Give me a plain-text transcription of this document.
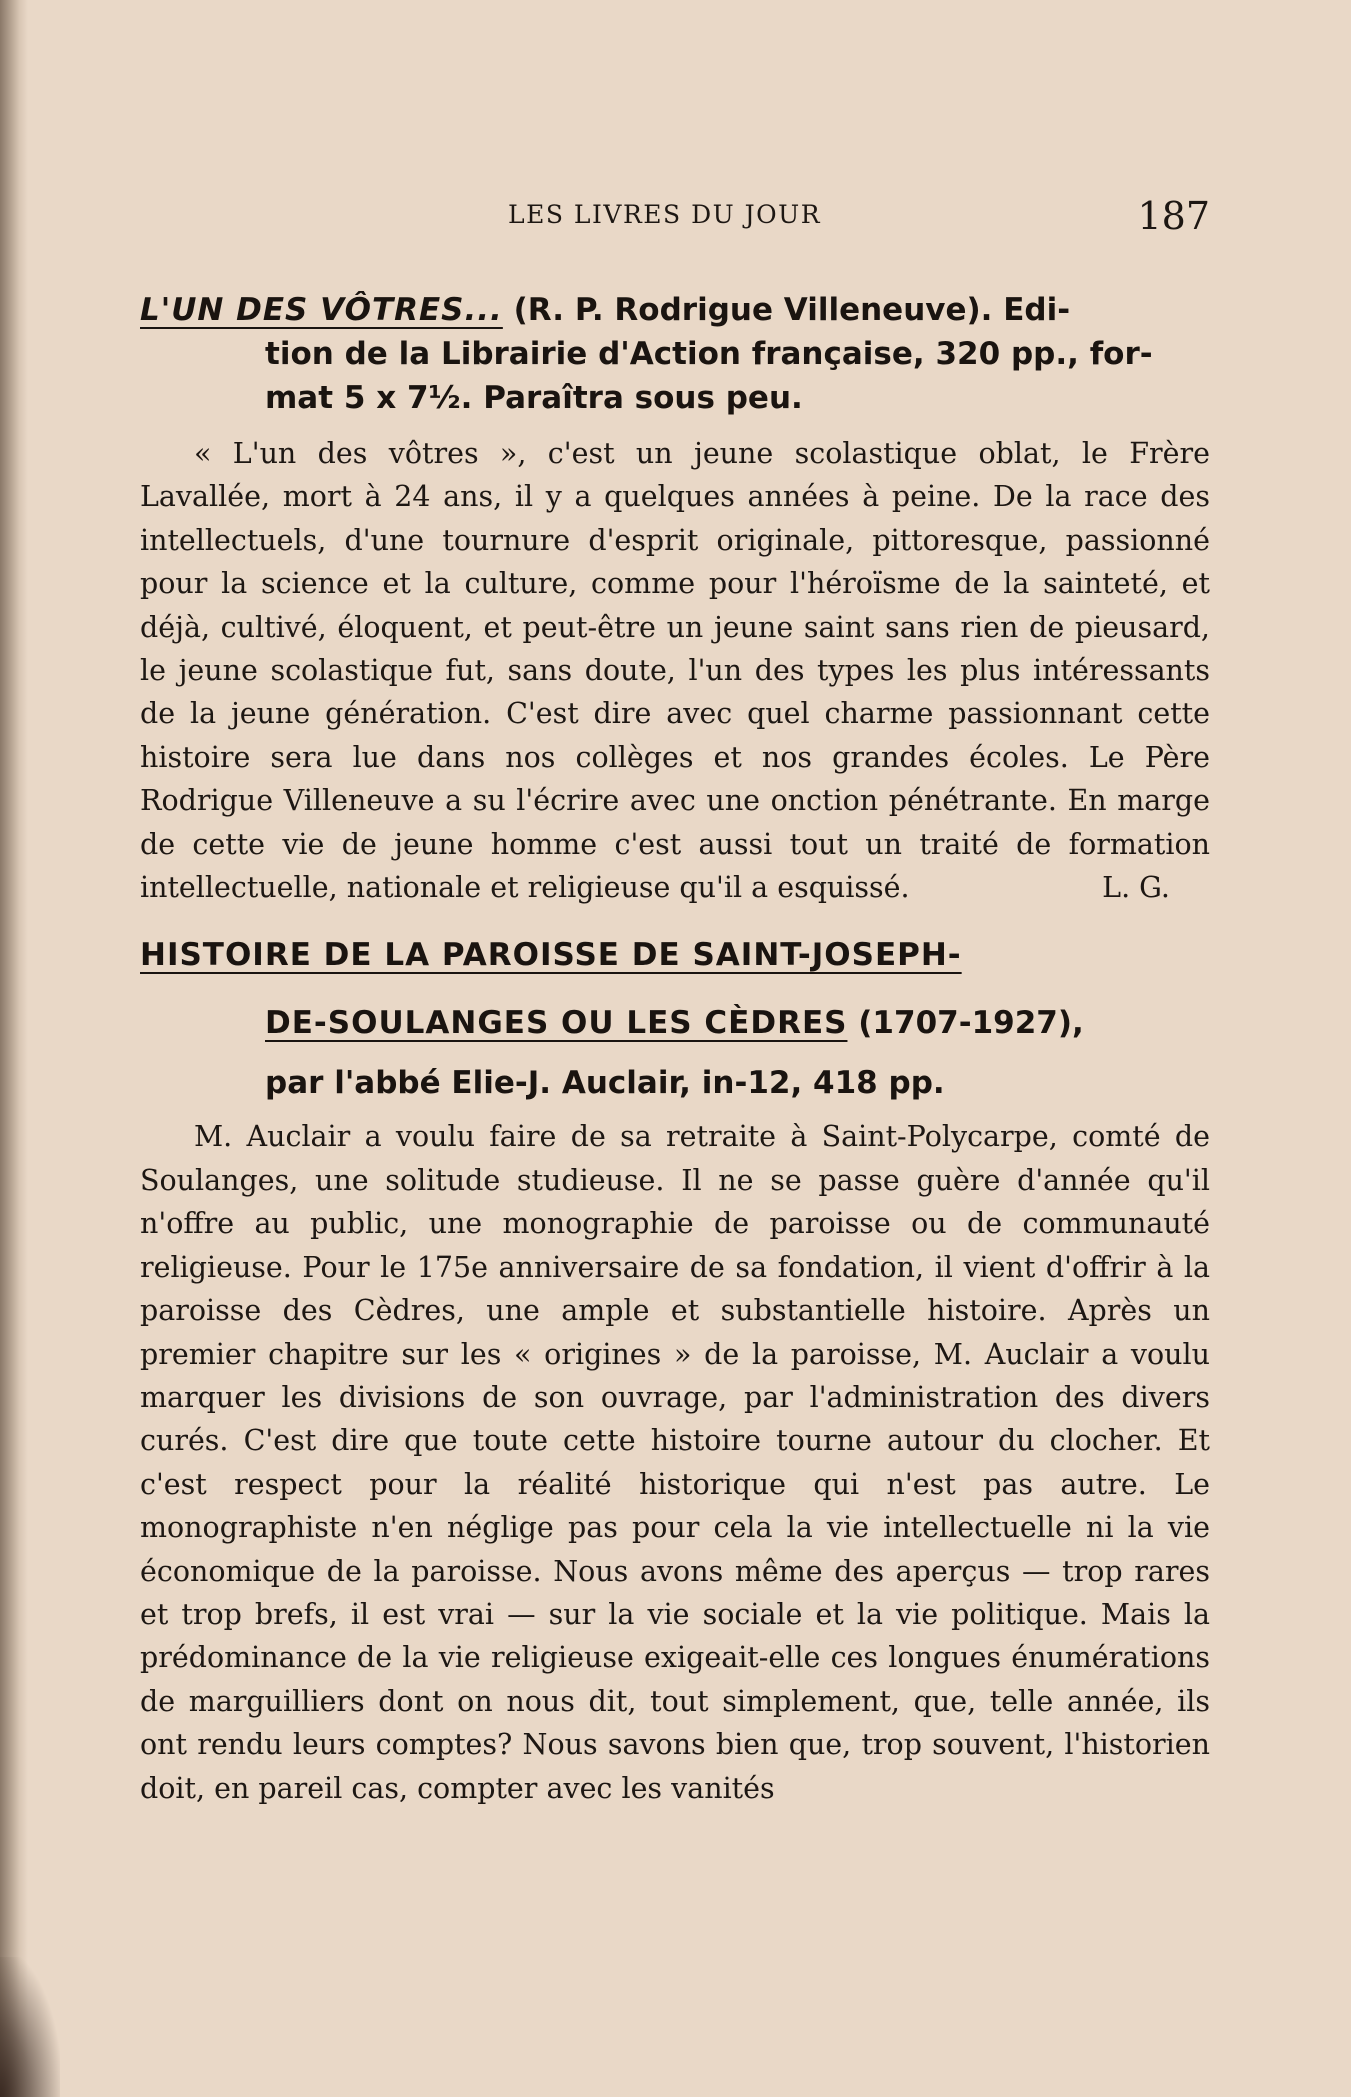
LES LIVRES DU JOUR	187
L'UN DES VÔTRES... (R. P. Rodrigue Villeneuve). Edi-
tion de la Librairie d'Action française, 320 pp., for-
mat 5 x 7½. Paraîtra sous peu.

« L'un des vôtres », c'est un jeune scolastique oblat, le Frère Lavallée, mort à 24 ans, il y a quelques années à peine. De la race des intellectuels, d'une tournure d'esprit originale, pittoresque, passionné pour la science et la culture, comme pour l'héroïsme de la sainteté, et déjà, cultivé, éloquent, et peut-être un jeune saint sans rien de pieusard, le jeune scolastique fut, sans doute, l'un des types les plus intéressants de la jeune génération. C'est dire avec quel charme passionnant cette histoire sera lue dans nos collèges et nos grandes écoles. Le Père Rodrigue Villeneuve a su l'écrire avec une onction pénétrante. En marge de cette vie de jeune homme c'est aussi tout un traité de formation intellectuelle, nationale et religieuse qu'il a esquissé.	L. G.

HISTOIRE DE LA PAROISSE DE SAINT-JOSEPH-
DE-SOULANGES OU LES CÈDRES (1707-1927),
par l'abbé Elie-J. Auclair, in-12, 418 pp.

M. Auclair a voulu faire de sa retraite à Saint-Polycarpe, comté de Soulanges, une solitude studieuse. Il ne se passe guère d'année qu'il n'offre au public, une monographie de paroisse ou de communauté religieuse. Pour le 175e anniversaire de sa fondation, il vient d'offrir à la paroisse des Cèdres, une ample et substantielle histoire. Après un premier chapitre sur les « origines » de la paroisse, M. Auclair a voulu marquer les divisions de son ouvrage, par l'administration des divers curés. C'est dire que toute cette histoire tourne autour du clocher. Et c'est respect pour la réalité historique qui n'est pas autre. Le monographiste n'en néglige pas pour cela la vie intellectuelle ni la vie économique de la paroisse. Nous avons même des aperçus — trop rares et trop brefs, il est vrai — sur la vie sociale et la vie politique. Mais la prédominance de la vie religieuse exigeait-elle ces longues énumérations de marguilliers dont on nous dit, tout simplement, que, telle année, ils ont rendu leurs comptes? Nous savons bien que, trop souvent, l'historien doit, en pareil cas, compter avec les vanités
